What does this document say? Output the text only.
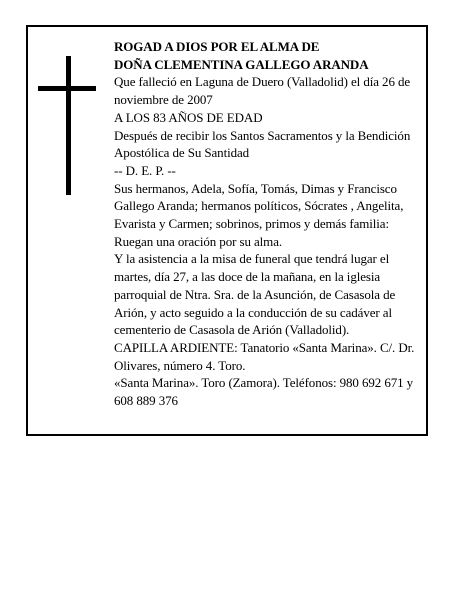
ROGAD A DIOS POR EL ALMA DE

DOÑA CLEMENTINA GALLEGO ARANDA

Que falleció en Laguna de Duero (Valladolid) el día 26 de noviembre de 2007

A LOS 83 AÑOS DE EDAD

Después de recibir los Santos Sacramentos y la Bendición Apostólica de Su Santidad

-- D. E. P. --

Sus hermanos, Adela, Sofía, Tomás, Dimas y Francisco Gallego Aranda; hermanos políticos, Sócrates , Angelita, Evarista y Carmen; sobrinos, primos y demás familia:

Ruegan una oración por su alma.

Y la asistencia a la misa de funeral que tendrá lugar el martes, día 27, a las doce de la mañana, en la iglesia parroquial de Ntra. Sra. de la Asunción, de Casasola de Arión, y acto seguido a la conducción de su cadáver al cementerio de Casasola de Arión (Valladolid).

CAPILLA ARDIENTE: Tanatorio «Santa Marina». C/. Dr. Olivares, número 4. Toro.

«Santa Marina». Toro (Zamora). Teléfonos: 980 692 671 y 608 889 376
